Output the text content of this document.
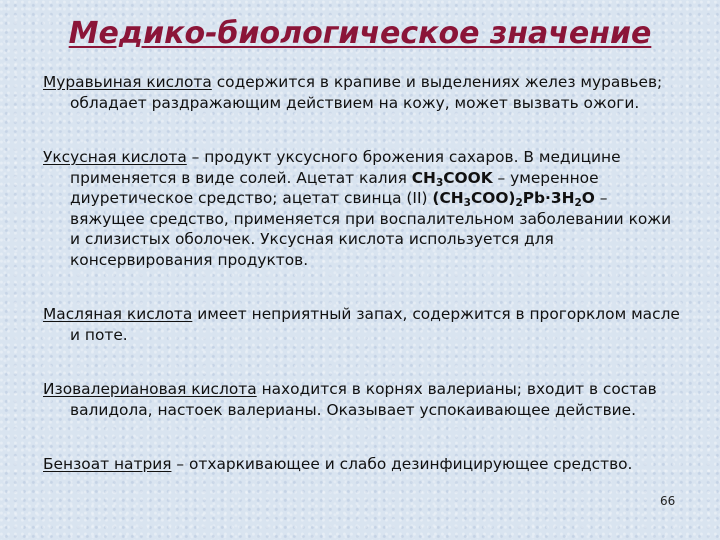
Медико-биологическое значение

Муравьиная кислота содержится в крапиве и выделениях желез муравьев; обладает раздражающим действием на кожу, может вызвать ожоги.

Уксусная кислота – продукт уксусного брожения сахаров. В медицине применяется в виде солей. Ацетат калия $CH_3COOK$ – умеренное диуретическое средство; ацетат свинца (II) $(CH_3COO)_2Pb\cdot 3H_2O$ – вяжущее средство, применяется при воспалительном заболевании кожи и слизистых оболочек. Уксусная кислота используется для консервирования продуктов.

Масляная кислота имеет неприятный запах, содержится в прогорклом масле и поте.

Изовалериановая кислота находится в корнях валерианы; входит в состав валидола, настоек валерианы. Оказывает успокаивающее действие.

Бензоат натрия – отхаркивающее и слабо дезинфицирующее средство.

66
